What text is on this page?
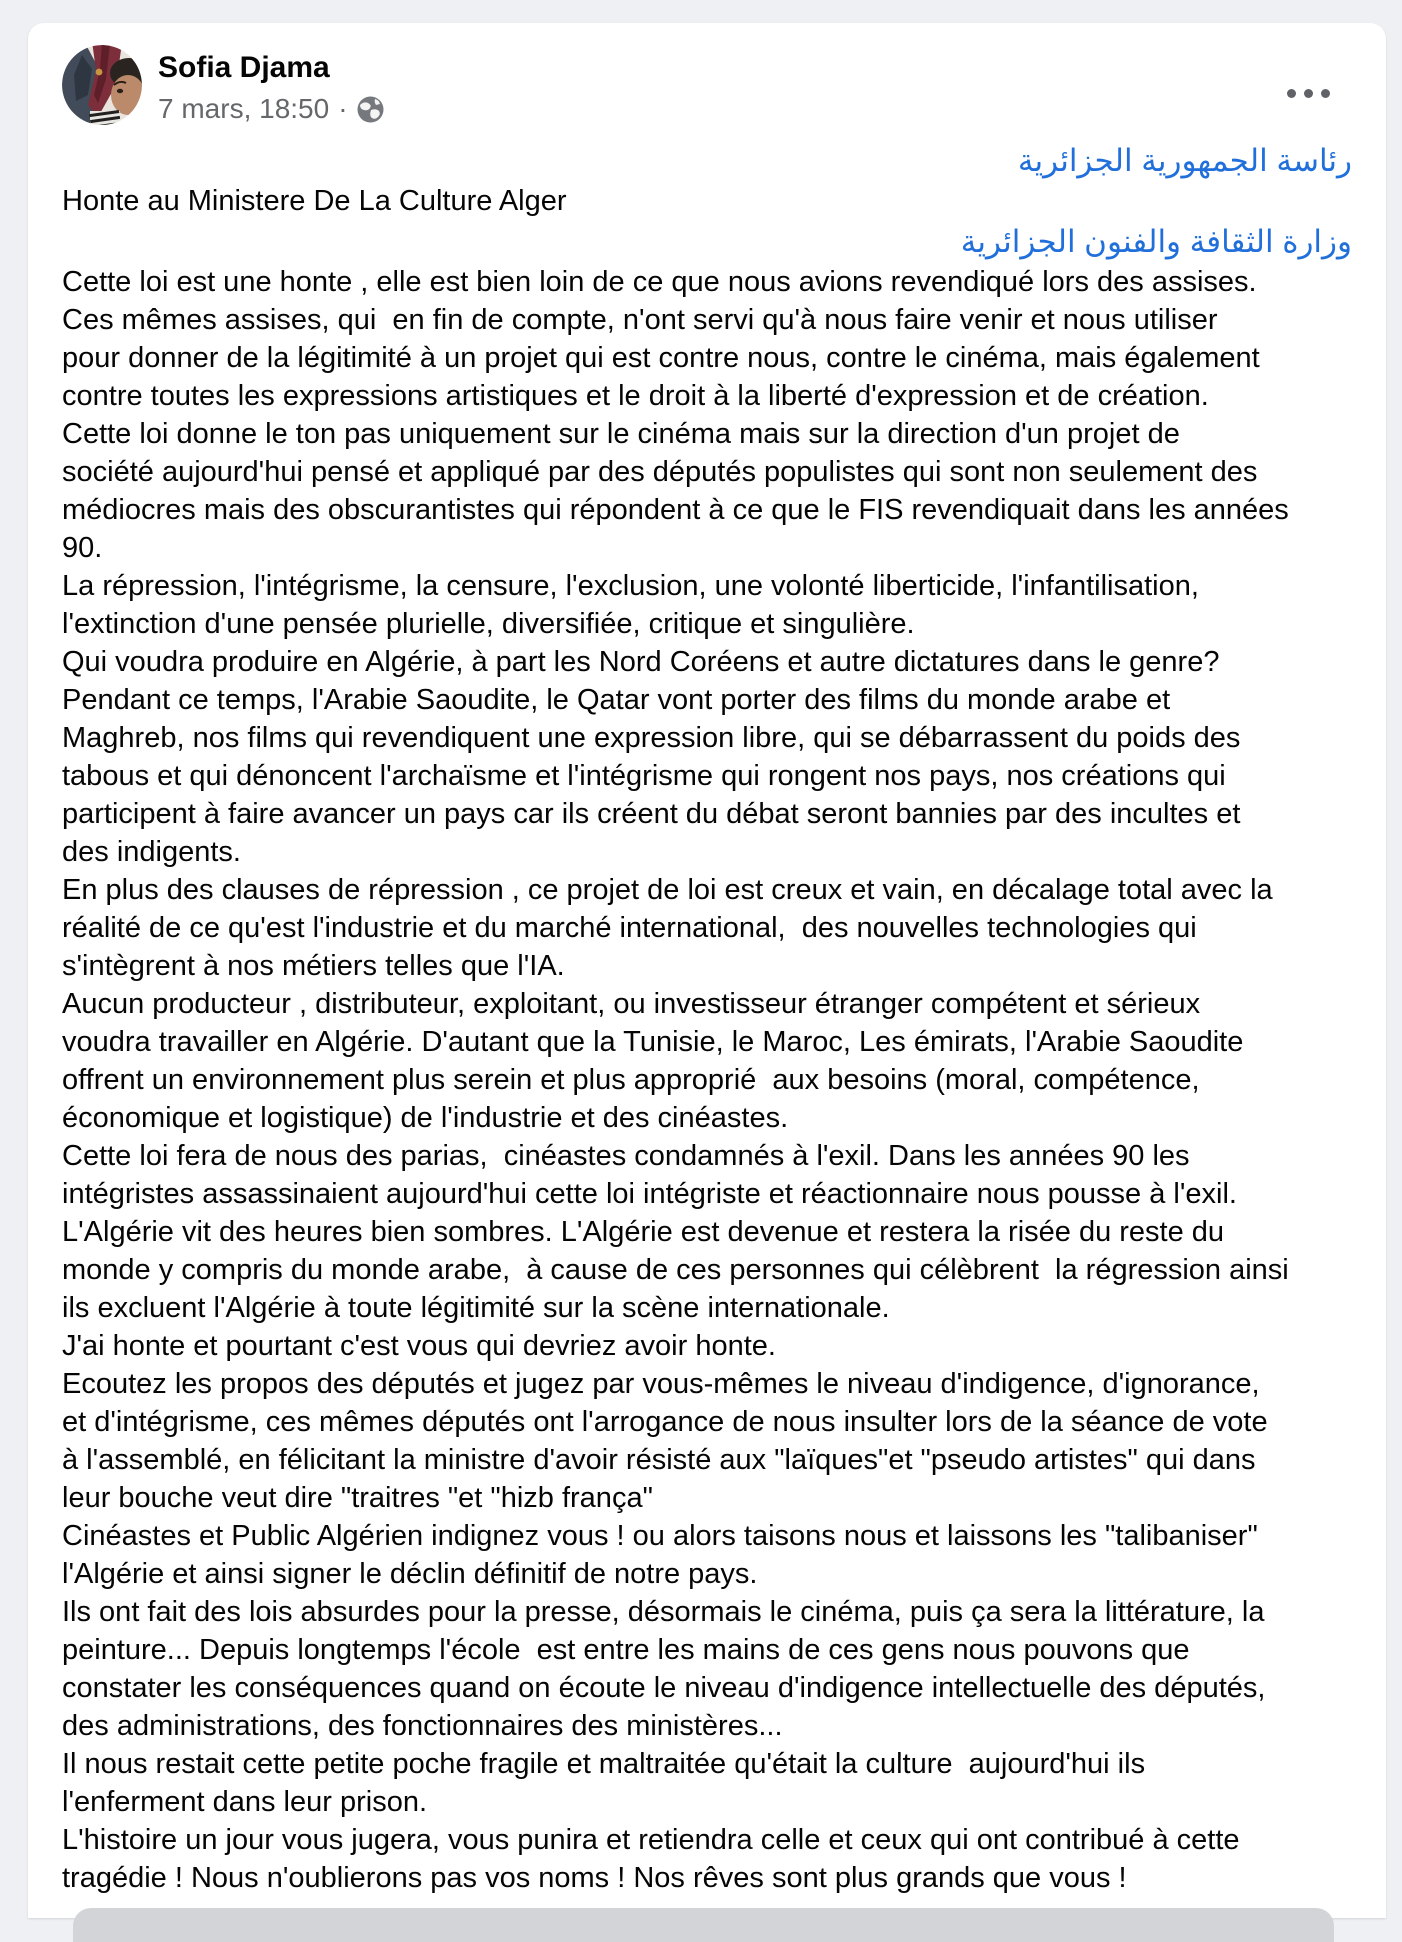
Sofia Djama
7 mars, 18:50 ·
رئاسة الجمهورية الجزائرية
Honte au Ministere De La Culture Alger
وزارة الثقافة والفنون الجزائرية
Cette loi est une honte , elle est bien loin de ce que nous avions revendiqué lors des assises.
Ces mêmes assises, qui  en fin de compte, n'ont servi qu'à nous faire venir et nous utiliser
pour donner de la légitimité à un projet qui est contre nous, contre le cinéma, mais également
contre toutes les expressions artistiques et le droit à la liberté d'expression et de création.
Cette loi donne le ton pas uniquement sur le cinéma mais sur la direction d'un projet de
société aujourd'hui pensé et appliqué par des députés populistes qui sont non seulement des
médiocres mais des obscurantistes qui répondent à ce que le FIS revendiquait dans les années
90.
La répression, l'intégrisme, la censure, l'exclusion, une volonté liberticide, l'infantilisation,
l'extinction d'une pensée plurielle, diversifiée, critique et singulière.
Qui voudra produire en Algérie, à part les Nord Coréens et autre dictatures dans le genre?
Pendant ce temps, l'Arabie Saoudite, le Qatar vont porter des films du monde arabe et
Maghreb, nos films qui revendiquent une expression libre, qui se débarrassent du poids des
tabous et qui dénoncent l'archaïsme et l'intégrisme qui rongent nos pays, nos créations qui
participent à faire avancer un pays car ils créent du débat seront bannies par des incultes et
des indigents.
En plus des clauses de répression , ce projet de loi est creux et vain, en décalage total avec la
réalité de ce qu'est l'industrie et du marché international,  des nouvelles technologies qui
s'intègrent à nos métiers telles que l'IA.
Aucun producteur , distributeur, exploitant, ou investisseur étranger compétent et sérieux
voudra travailler en Algérie. D'autant que la Tunisie, le Maroc, Les émirats, l'Arabie Saoudite
offrent un environnement plus serein et plus approprié  aux besoins (moral, compétence,
économique et logistique) de l'industrie et des cinéastes.
Cette loi fera de nous des parias,  cinéastes condamnés à l'exil. Dans les années 90 les
intégristes assassinaient aujourd'hui cette loi intégriste et réactionnaire nous pousse à l'exil.
L'Algérie vit des heures bien sombres. L'Algérie est devenue et restera la risée du reste du
monde y compris du monde arabe,  à cause de ces personnes qui célèbrent  la régression ainsi
ils excluent l'Algérie à toute légitimité sur la scène internationale.
J'ai honte et pourtant c'est vous qui devriez avoir honte.
Ecoutez les propos des députés et jugez par vous-mêmes le niveau d'indigence, d'ignorance,
et d'intégrisme, ces mêmes députés ont l'arrogance de nous insulter lors de la séance de vote
à l'assemblé, en félicitant la ministre d'avoir résisté aux "laïques"et "pseudo artistes" qui dans
leur bouche veut dire "traitres "et "hizb frança"
Cinéastes et Public Algérien indignez vous ! ou alors taisons nous et laissons les "talibaniser"
l'Algérie et ainsi signer le déclin définitif de notre pays.
Ils ont fait des lois absurdes pour la presse, désormais le cinéma, puis ça sera la littérature, la
peinture... Depuis longtemps l'école  est entre les mains de ces gens nous pouvons que
constater les conséquences quand on écoute le niveau d'indigence intellectuelle des députés,
des administrations, des fonctionnaires des ministères...
Il nous restait cette petite poche fragile et maltraitée qu'était la culture  aujourd'hui ils
l'enferment dans leur prison.
L'histoire un jour vous jugera, vous punira et retiendra celle et ceux qui ont contribué à cette
tragédie ! Nous n'oublierons pas vos noms ! Nos rêves sont plus grands que vous !
